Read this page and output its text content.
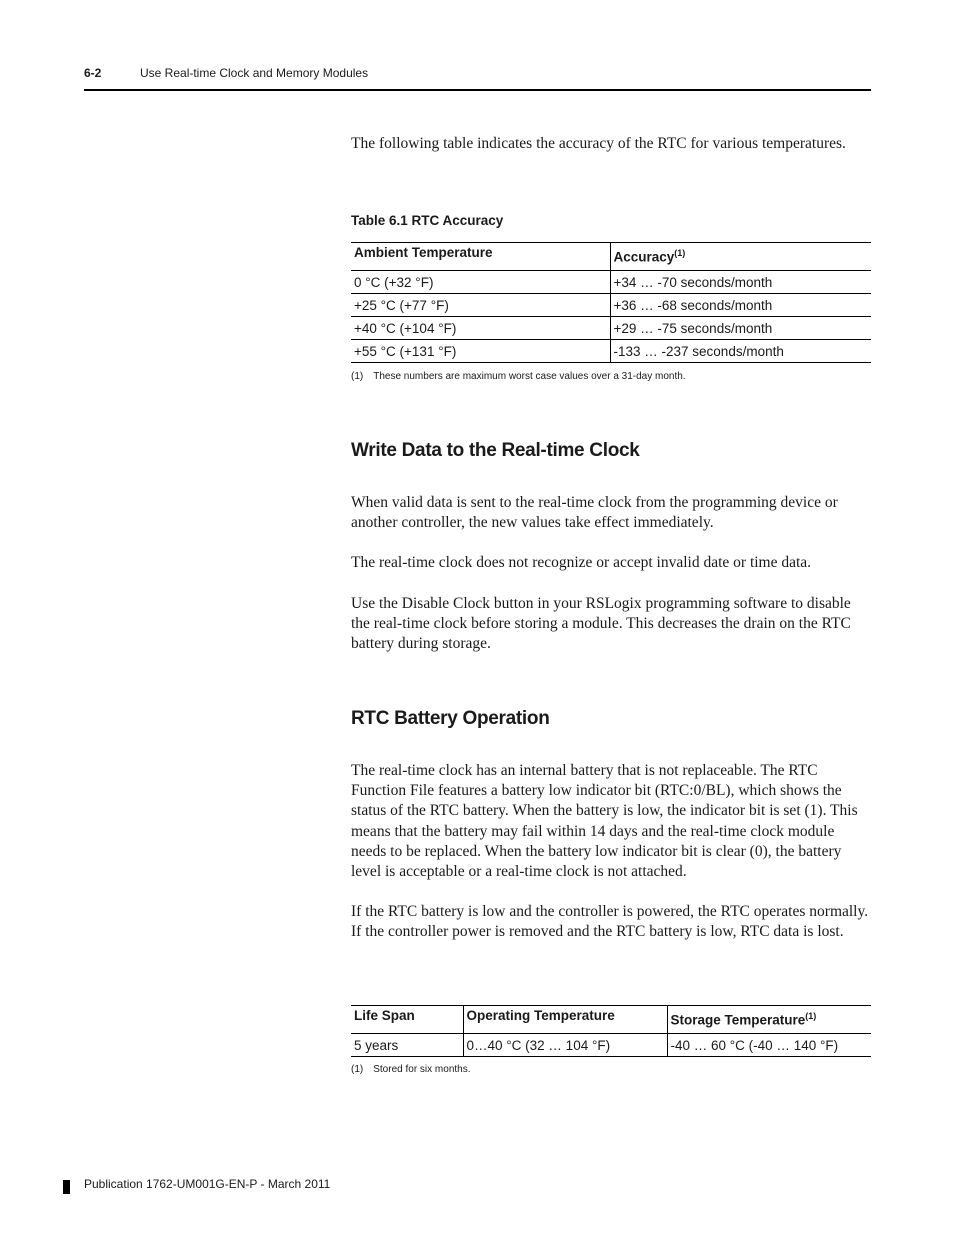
6-2	Use Real-time Clock and Memory Modules
The following table indicates the accuracy of the RTC for various temperatures.
Table 6.1 RTC Accuracy
Ambient Temperature	Accuracy$^{(1)}$
0 °C (+32 °F)	+34 … -70 seconds/month
+25 °C (+77 °F)	+36 … -68 seconds/month
+40 °C (+104 °F)	+29 … -75 seconds/month
+55 °C (+131 °F)	-133 … -237 seconds/month
(1) These numbers are maximum worst case values over a 31-day month.
Write Data to the Real-time Clock
When valid data is sent to the real-time clock from the programming device or another controller, the new values take effect immediately.
The real-time clock does not recognize or accept invalid date or time data.
Use the Disable Clock button in your RSLogix programming software to disable the real-time clock before storing a module. This decreases the drain on the RTC battery during storage.
RTC Battery Operation
The real-time clock has an internal battery that is not replaceable. The RTC Function File features a battery low indicator bit (RTC:0/BL), which shows the status of the RTC battery. When the battery is low, the indicator bit is set (1). This means that the battery may fail within 14 days and the real-time clock module needs to be replaced. When the battery low indicator bit is clear (0), the battery level is acceptable or a real-time clock is not attached.
If the RTC battery is low and the controller is powered, the RTC operates normally. If the controller power is removed and the RTC battery is low, RTC data is lost.
Life Span	Operating Temperature	Storage Temperature$^{(1)}$
5 years	0…40 °C (32 … 104 °F)	-40 … 60 °C (-40 … 140 °F)
(1) Stored for six months.
Publication 1762-UM001G-EN-P - March 2011
